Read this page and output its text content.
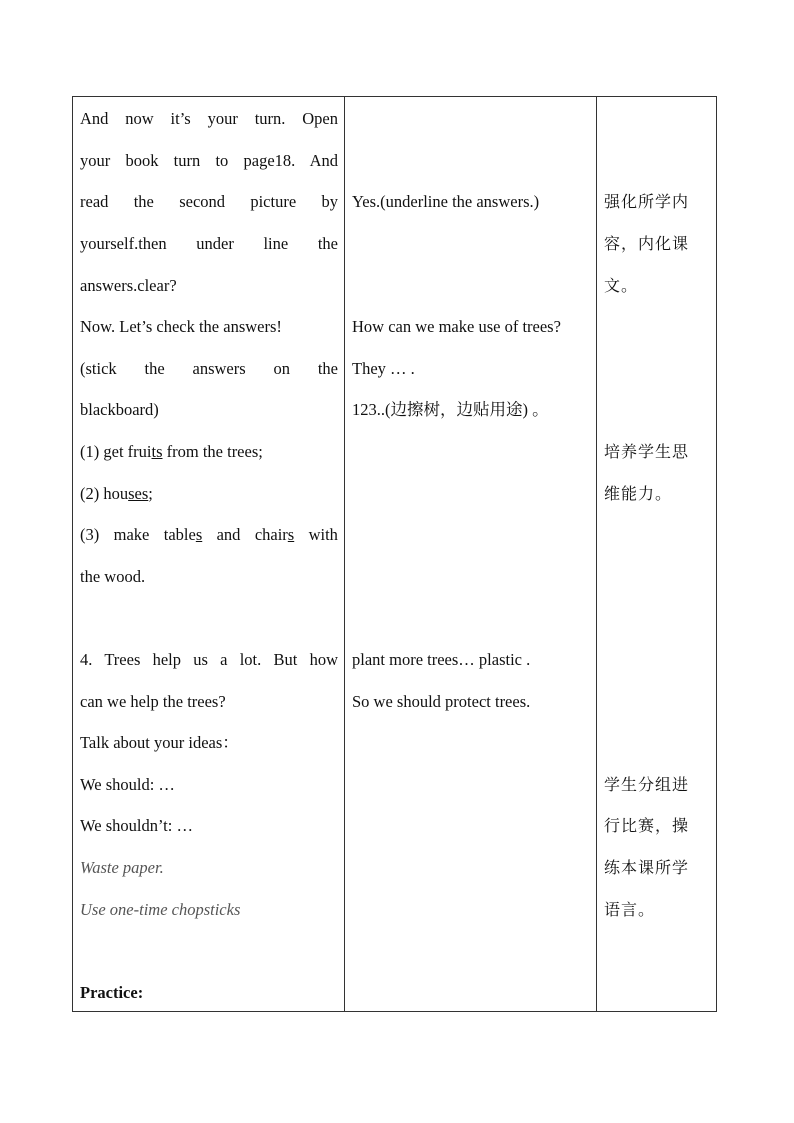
And now it’s your turn. Open
your book turn to page18. And
read the second picture by
yourself.then under line the
answers.clear?
Now. Let’s check the answers!
(stick the answers on the
blackboard)
(1) get fruits from the trees;
(2) houses;
(3) make tables and chairs with
the wood.
4. Trees help us a lot. But how
can we help the trees?
Talk about your ideas：
We should: …
We shouldn’t: …
Waste paper.
Use one-time chopsticks
Practice:
Yes.(underline the answers.)
How can we make use of trees?
They … .
123..(边擦树，边贴用途) 。
plant more trees… plastic .
So we should protect trees.
强化所学内
容，内化课
文。
培养学生思
维能力。
学生分组进
行比赛，操
练本课所学
语言。
